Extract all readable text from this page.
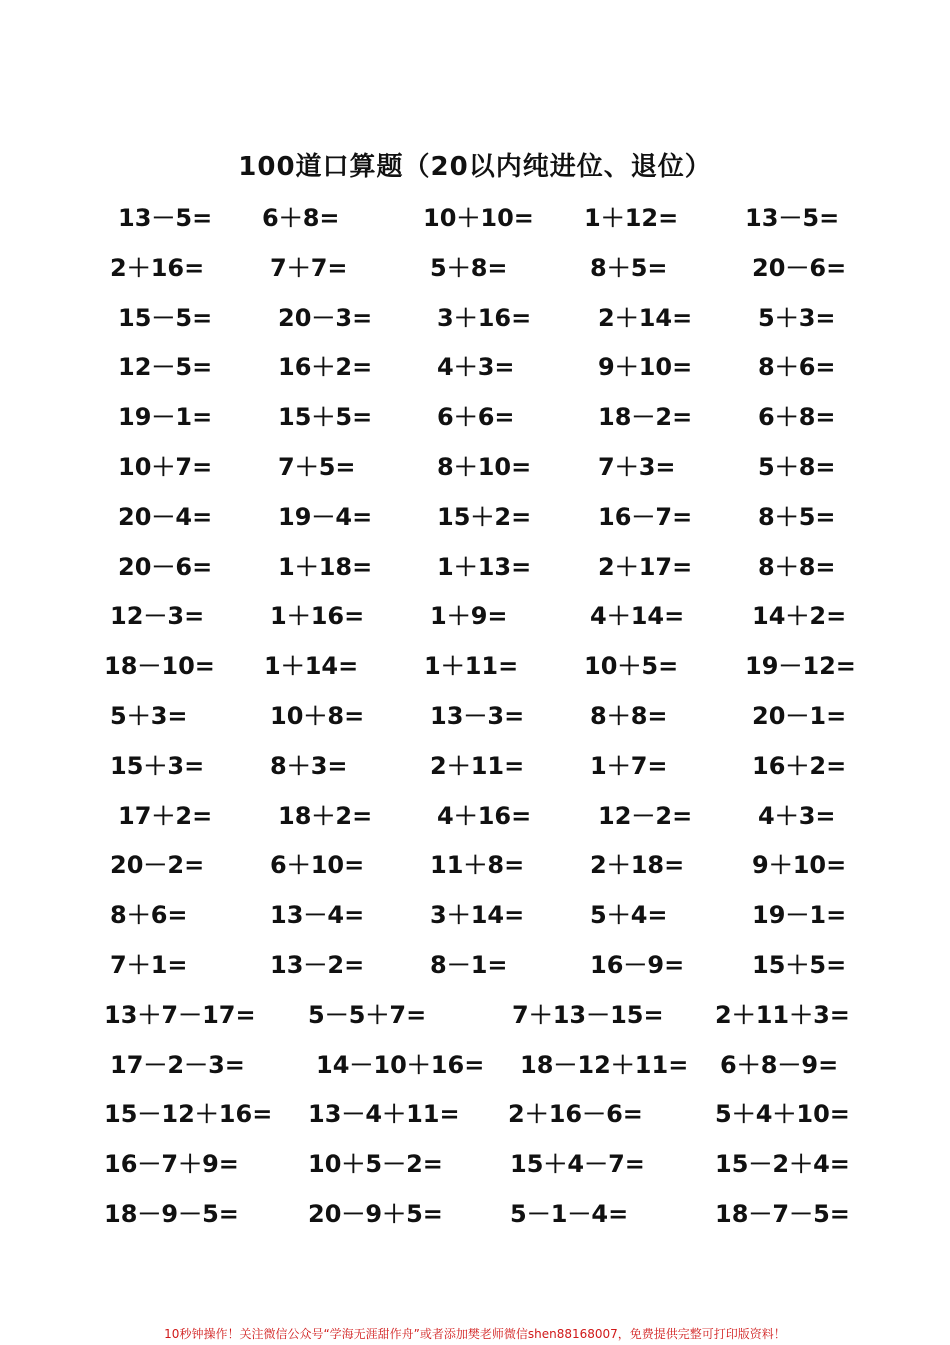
100道口算题（20以内纯进位、退位）
13－5= 6＋8=	10＋10= 1＋12=	13－5=
2＋16=	7＋7=	5＋8=	8＋5=	20－6=
15－5=	20－3=	3＋16=	2＋14=	5＋3=
12－5=	16＋2=	4＋3=	9＋10=	8＋6=
19－1=	15＋5=	6＋6=	18－2=	6＋8=
10＋7=	7＋5=	8＋10=	7＋3=	5＋8=
20－4=	19－4=	15＋2=	16－7=	8＋5=
20－6=	1＋18=	1＋13=	2＋17=	8＋8=
12－3=	1＋16=	1＋9=	4＋14=	14＋2=
18－10= 1＋14=	1＋11=	10＋5=	19－12=
5＋3=	10＋8=	13－3=	8＋8=	20－1=
15＋3=	8＋3=	2＋11=	1＋7=	16＋2=
17＋2=	18＋2=	4＋16=	12－2=	4＋3=
20－2=	6＋10=	11＋8=	2＋18=	9＋10=
8＋6=	13－4=	3＋14=	5＋4=	19－1=
7＋1=	13－2=	8－1=	16－9=	15＋5=
13＋7－17= 5－5＋7=	7＋13－15= 2＋11＋3=
17－2－3=	14－10＋16= 18－12＋11= 6＋8－9=
15－12＋16= 13－4＋11= 2＋16－6=	5＋4＋10=
16－7＋9=	10＋5－2=	15＋4－7=	15－2＋4=
18－9－5=	20－9＋5=	5－1－4=	18－7－5=
10秒钟操作！关注微信公众号“学海无涯甜作舟”或者添加樊老师微信shen88168007，免费提供完整可打印版资料！
